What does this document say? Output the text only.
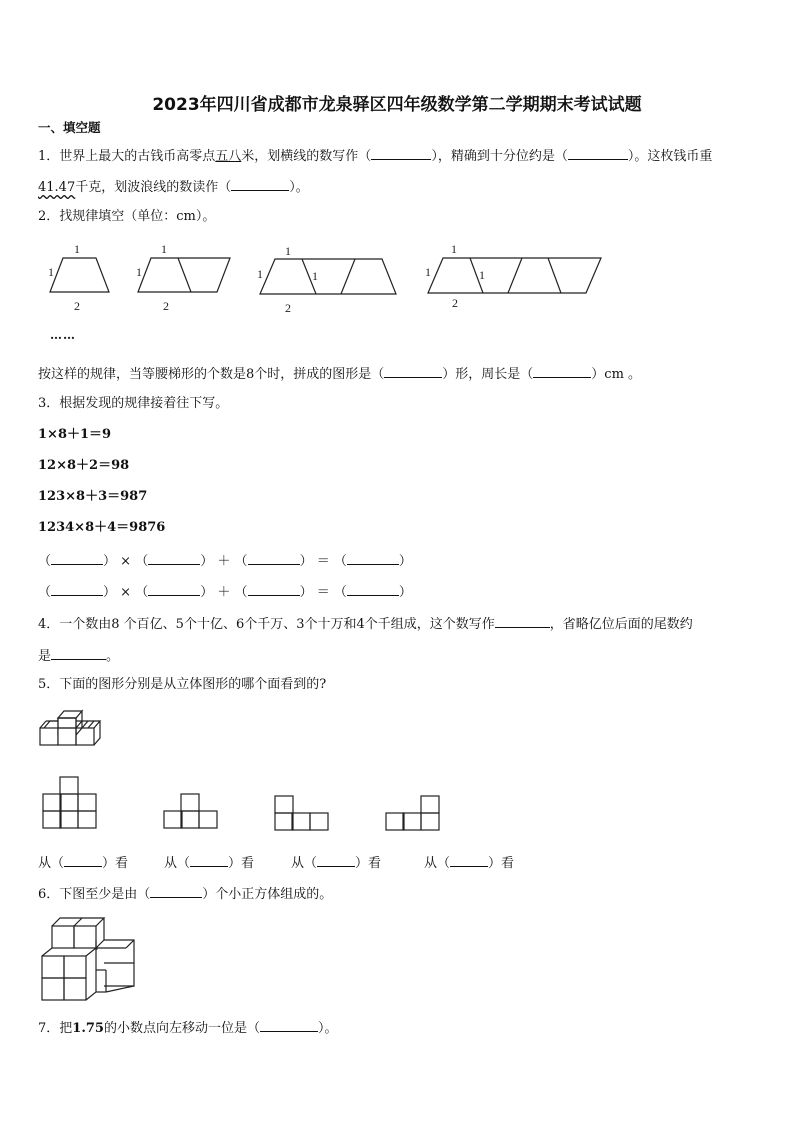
2023年四川省成都市龙泉驿区四年级数学第二学期期末考试试题
一、填空题
1．世界上最大的古钱币高零点五八米，划横线的数写作（	），精确到十分位约是（	）。这枚钱币重
41.47千克，划波浪线的数读作（	）。
2．找规律填空（单位：cm）。
1
1
2
1
1
2
1
1	1
2
1
1	1
2
……
按这样的规律，当等腰梯形的个数是8个时，拼成的图形是（	）形，周长是（	）cm 。
3．根据发现的规律接着往下写。
1×8＋1＝9
12×8＋2＝98
123×8＋3＝987
1234×8＋4＝9876
（	） × （	） ＋ （	） ＝ （	）
（	） × （	） ＋ （	） ＝ （	）
4．一个数由8 个百亿、5个十亿、6个千万、3个十万和4个千组成，这个数写作	，省略亿位后面的尾数约
是	。
5．下面的图形分别是从立体图形的哪个面看到的?
从（	）看	从（	）看	从（	）看	从（	）看
6．下图至少是由（	）个小正方体组成的。
7．把1.75的小数点向左移动一位是（	）。
